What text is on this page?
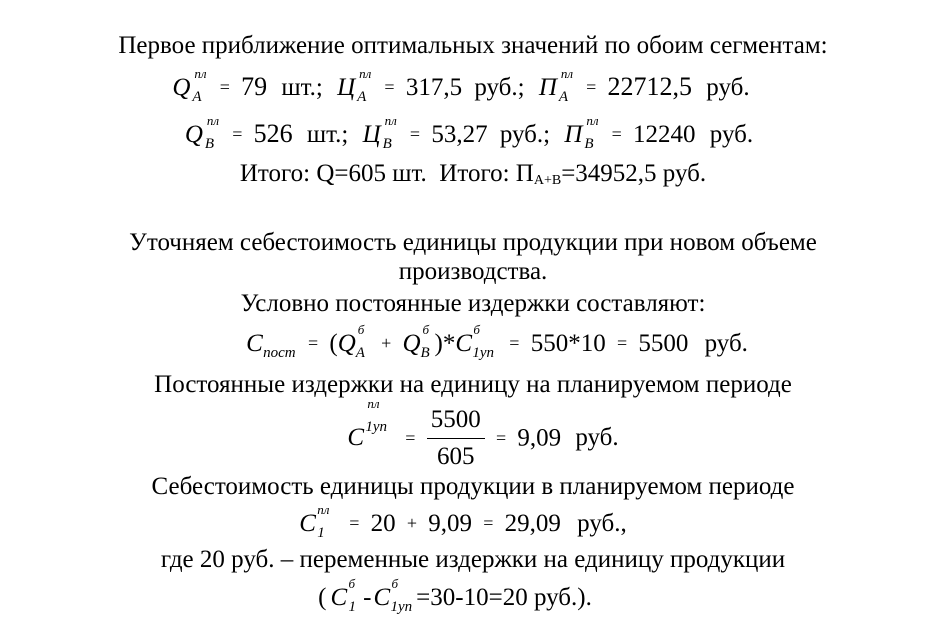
Первое приближение оптимальных значений по обоим сегментам:
Q
пл
A = 79 шт.; Ц
пл
A = 317,5 руб.; П
пл
A = 22712,5 руб.
Q
пл
B = 526 шт.; Ц
пл
B = 53,27 руб.; П
пл
B = 12240 руб.
Итого: Q=605 шт.  Итого: ПА+В=34952,5 руб.
Уточняем себестоимость единицы продукции при новом объеме
производства.
Условно постоянные издержки составляют:
C пост = (Q
б
A + Q
б
B )*C
б
1уп = 550*10 = 5500 руб.
Постоянные издержки на единицу на планируемом периоде
C
пл
1уп
= $\frac{5500}{605} = 9,09$ руб.
Себестоимость единицы продукции в планируемом периоде
C
пл
1 = 20 + 9,09 = 29,09 руб.,
где 20 руб. – переменные издержки на единицу продукции
( C
б
1 -C
б
1уп =30-10=20 руб.).
